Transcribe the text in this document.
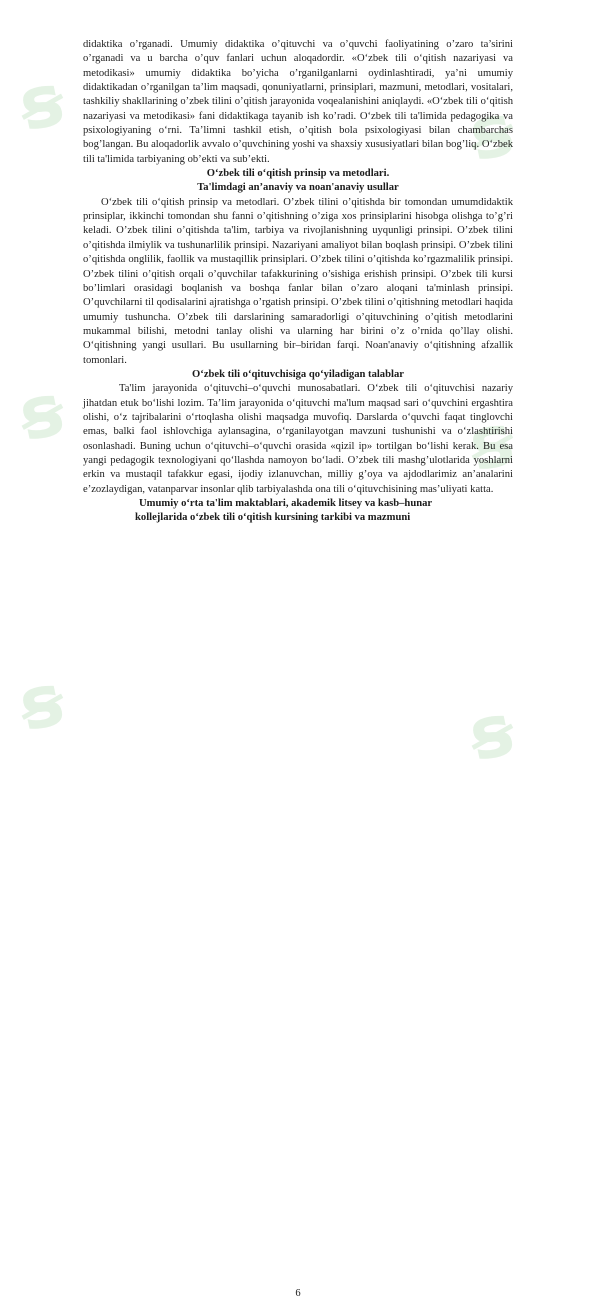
ꞩ	ꞩ
ꞩ	ꞩ
ꞩ	ꞩ

didaktika o’rganadi. Umumiy didaktika o’qituvchi va o’quvchi faoliyatining o’zaro ta’sirini o’rganadi va u barcha o’quv fanlari uchun aloqadordir. «O‘zbek tili o‘qitish nazariyasi va metodikasi» umumiy didaktika bo’yicha o’rganilganlarni oydinlashtiradi, ya’ni umumiy didaktikadan o’rganilgan ta’lim maqsadi, qonuniyatlarni, prinsiplari, mazmuni, metodlari, vositalari, tashkiliy shakllarining o’zbek tilini o’qitish jarayonida voqealanishini aniqlaydi. «O‘zbek tili o‘qitish nazariyasi va metodikasi» fani didaktikaga tayanib ish ko’radi. O‘zbek tili ta'limida pedagogika va psixologiyaning o‘rni. Ta’limni tashkil etish, o’qitish bola psixologiyasi bilan chambarchas bog’langan. Bu aloqadorlik avvalo o’quvchining yoshi va shaxsiy xususiyatlari bilan bog’liq. O‘zbek tili ta'limida tarbiyaning ob’ekti va sub’ekti.

O‘zbek tili o‘qitish prinsip va metodlari.

Ta'limdagi an’anaviy va noan'anaviy usullar

O‘zbek tili o‘qitish prinsip va metodlari. O’zbek tilini o’qitishda bir tomondan umumdidaktik prinsiplar, ikkinchi tomondan shu fanni o’qitishning o’ziga xos prinsiplarini hisobga olishga to’g’ri keladi. O’zbek tilini o’qitishda ta'lim, tarbiya va rivojlanishning uyqunligi prinsipi. O’zbek tilini o’qitishda ilmiylik va tushunarlilik prinsipi. Nazariyani amaliyot bilan boqlash prinsipi. O’zbek tilini o’qitishda onglilik, faollik va mustaqillik prinsiplari. O’zbek tilini o’qitishda ko’rgazmalilik prinsipi. O’zbek tilini o’qitish orqali o’quvchilar tafakkurining o’sishiga erishish prinsipi. O’zbek tili kursi bo’limlari orasidagi boqlanish va boshqa fanlar bilan o’zaro aloqani ta'minlash prinsipi. O’quvchilarni til qodisalarini ajratishga o’rgatish prinsipi. O’zbek tilini o’qitishning metodlari haqida umumiy tushuncha. O’zbek tili darslarining samaradorligi o’qituvchining o’qitish metodlarini mukammal bilishi, metodni tanlay olishi va ularning har birini o’z o’rnida qo’llay olishi. O‘qitishning yangi usullari. Bu usullarning bir–biridan farqi. Noan'anaviy o‘qitishning afzallik tomonlari.

O‘zbek tili o‘qituvchisiga qo‘yiladigan talablar

Ta'lim jarayonida o‘qituvchi–o‘quvchi munosabatlari. O‘zbek tili o‘qituvchisi nazariy jihatdan etuk bo‘lishi lozim. Ta’lim jarayonida o‘qituvchi ma'lum maqsad sari o‘quvchini ergashtira olishi, o‘z tajribalarini o‘rtoqlasha olishi maqsadga muvofiq. Darslarda o‘quvchi faqat tinglovchi emas, balki faol ishlovchiga aylansagina, o‘rganilayotgan mavzuni tushunishi va o‘zlashtirishi osonlashadi. Buning uchun o‘qituvchi–o‘quvchi orasida «qizil ip» tortilgan bo‘lishi kerak. Bu esa yangi pedagogik texnologiyani qo‘llashda namoyon bo‘ladi. O’zbek tili mashg’ulotlarida yoshlarni erkin va mustaqil tafakkur egasi, ijodiy izlanuvchan, milliy g’oya va ajdodlarimiz an’analarini e’zozlaydigan, vatanparvar insonlar qlib tarbiyalashda ona tili o‘qituvchisining mas’uliyati katta.

Umumiy o‘rta ta'lim maktablari, akademik litsey va kasb–hunar

kollejlarida o‘zbek tili o‘qitish kursining tarkibi va mazmuni

6
